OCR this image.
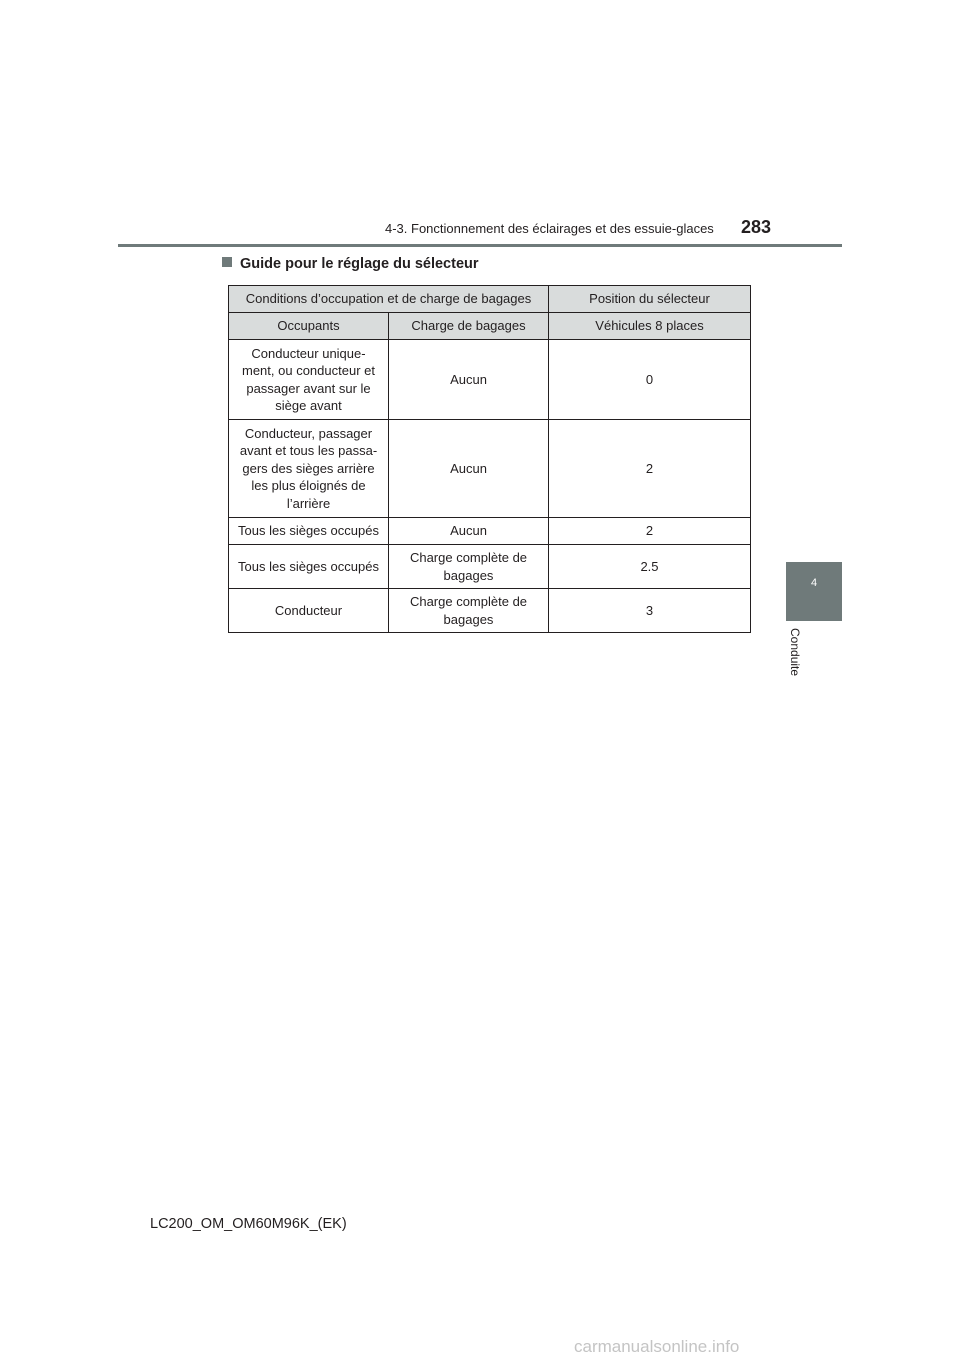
4-3. Fonctionnement des éclairages et des essuie-glaces 283
Guide pour le réglage du sélecteur
Conditions d’occupation et de charge de bagages		Position du sélecteur
Occupants	Charge de bagages	Véhicules 8 places
Conducteur unique-ment, ou conducteur et passager avant sur le siège avant	Aucun	0
Conducteur, passager avant et tous les passa-gers des sièges arrière les plus éloignés de l’arrière	Aucun	2
Tous les sièges occupés	Aucun	2
Tous les sièges occupés	Charge complète de bagages	2.5
Conducteur	Charge complète de bagages	3
4
Conduite
LC200_OM_OM60M96K_(EK)
carmanualsonline.info
